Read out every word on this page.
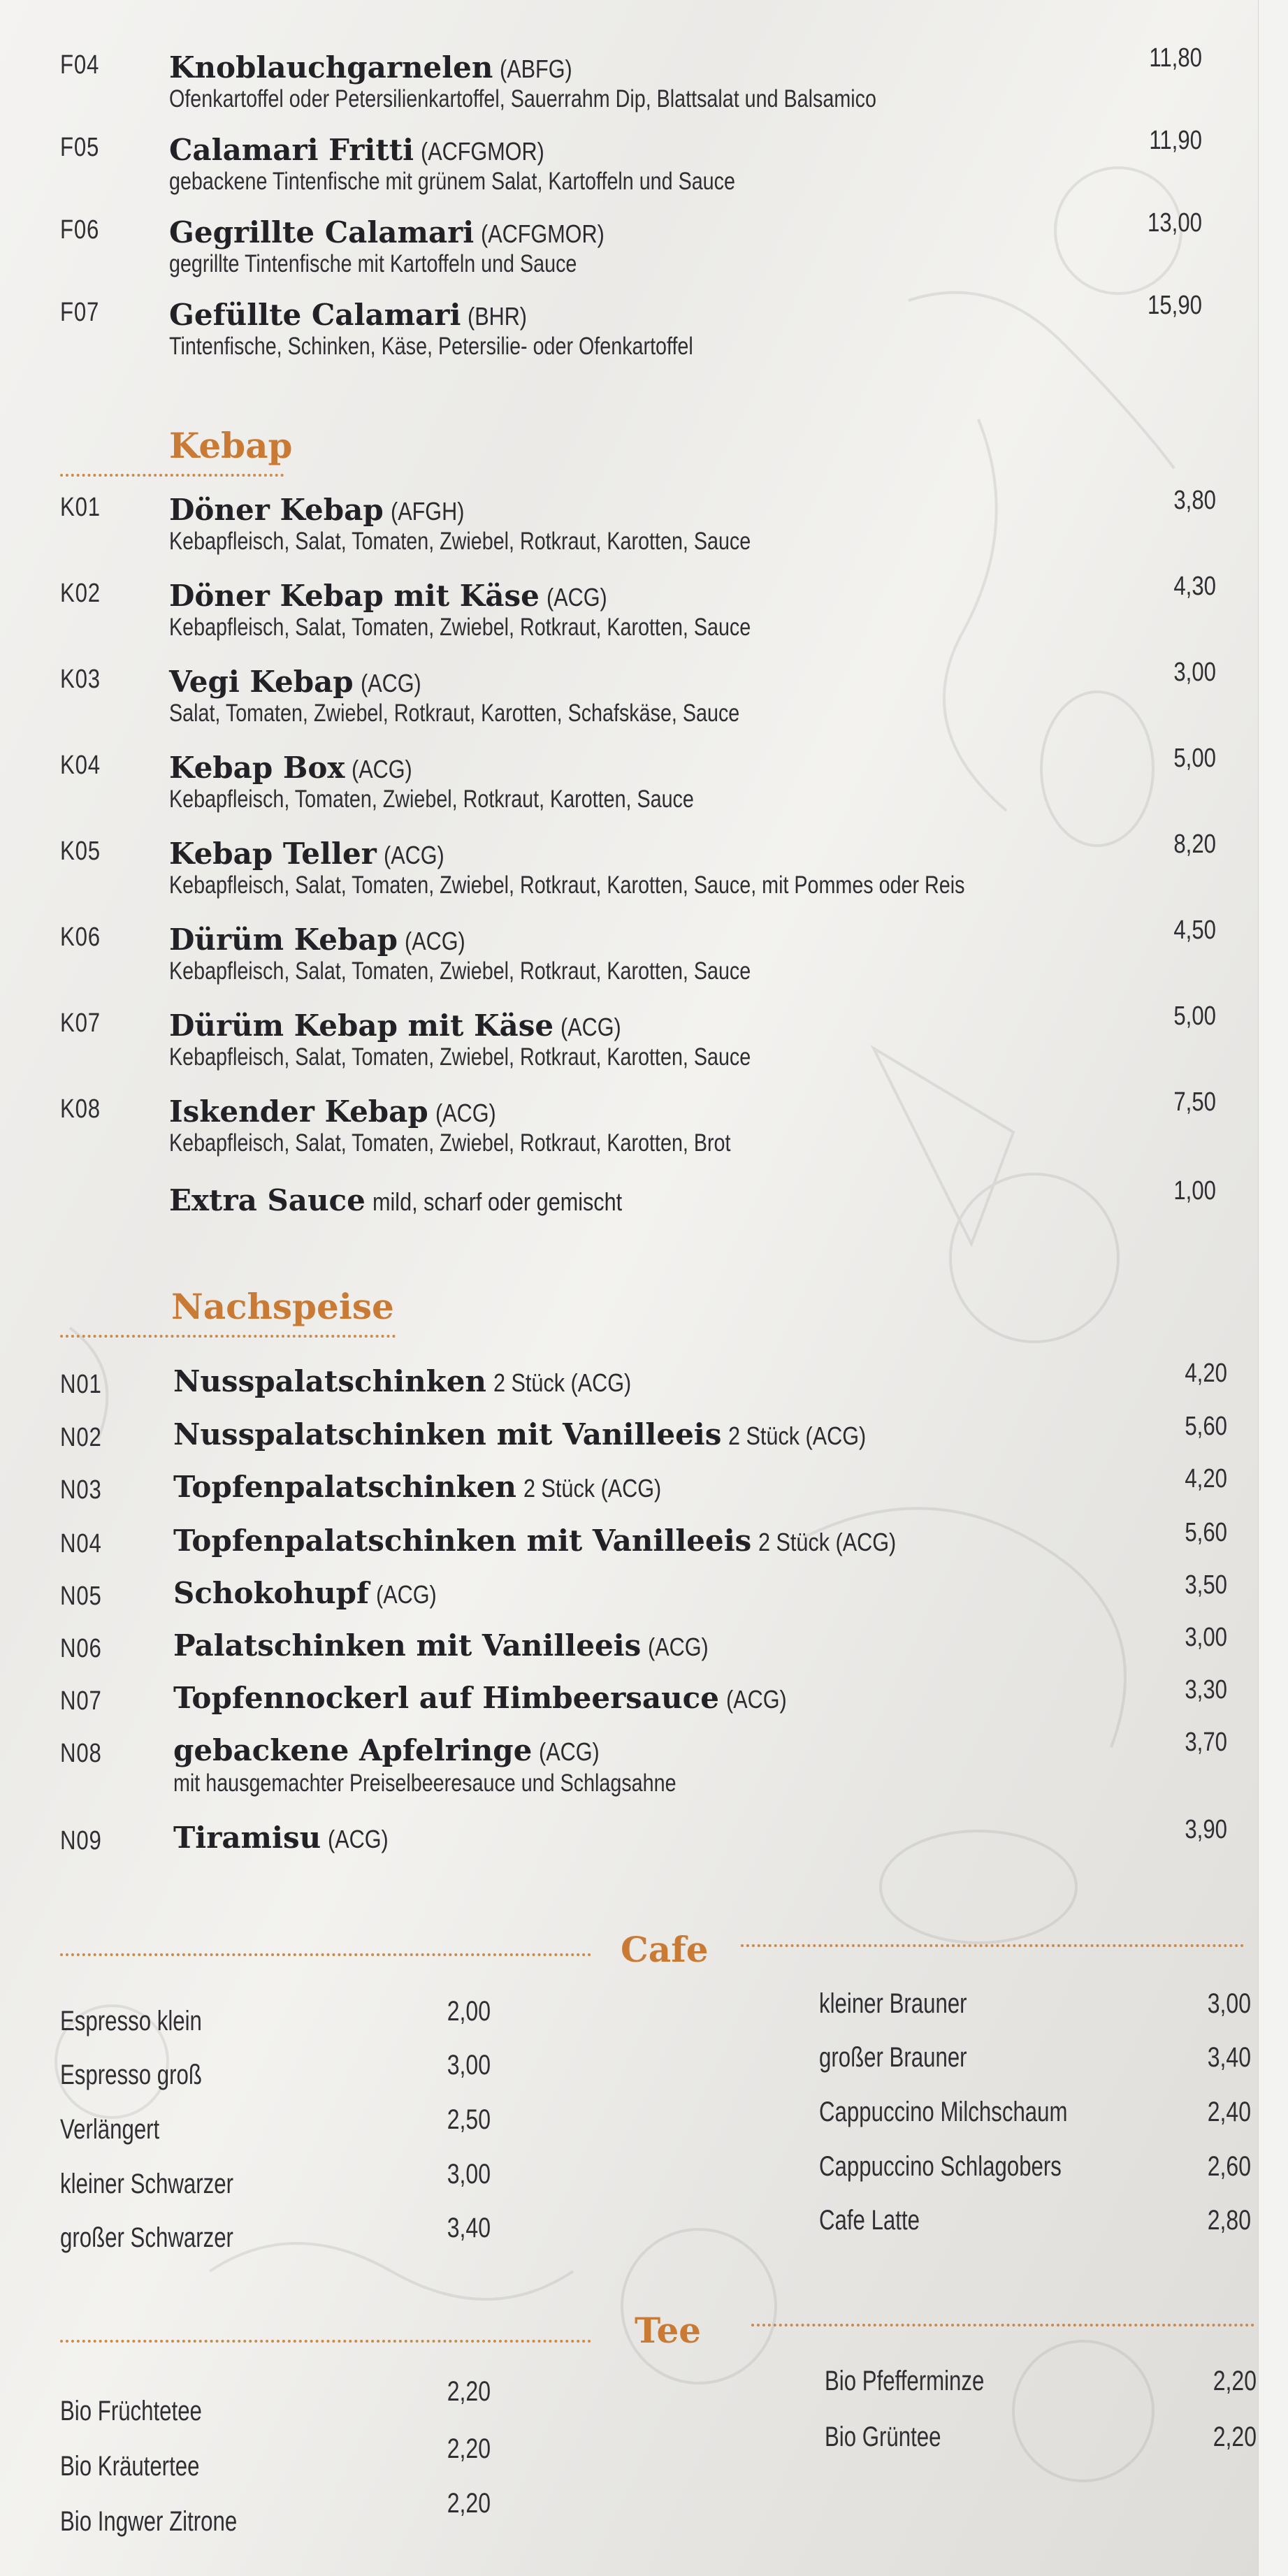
F04 Knoblauchgarnelen (ABFG)
Ofenkartoffel oder Petersilienkartoffel, Sauerrahm Dip, Blattsalat und Balsamico
11,80
F05 Calamari Fritti (ACFGMOR)
gebackene Tintenfische mit grünem Salat, Kartoffeln und Sauce
11,90
F06 Gegrillte Calamari (ACFGMOR)
gegrillte Tintenfische mit Kartoffeln und Sauce
13,00
F07 Gefüllte Calamari (BHR)
Tintenfische, Schinken, Käse, Petersilie- oder Ofenkartoffel
15,90
Kebap
Nachspeise
Cafe
Tee
K01 Döner Kebap (AFGH)
Kebapfleisch, Salat, Tomaten, Zwiebel, Rotkraut, Karotten, Sauce
3,80
K02 Döner Kebap mit Käse (ACG)
Kebapfleisch, Salat, Tomaten, Zwiebel, Rotkraut, Karotten, Sauce
4,30
K03 Vegi Kebap (ACG)
Salat, Tomaten, Zwiebel, Rotkraut, Karotten, Schafskäse, Sauce
3,00
K04 Kebap Box (ACG)
Kebapfleisch, Tomaten, Zwiebel, Rotkraut, Karotten, Sauce
5,00
K05 Kebap Teller (ACG)
Kebapfleisch, Salat, Tomaten, Zwiebel, Rotkraut, Karotten, Sauce, mit Pommes oder Reis
8,20
K06 Dürüm Kebap (ACG)
Kebapfleisch, Salat, Tomaten, Zwiebel, Rotkraut, Karotten, Sauce
4,50
K07 Dürüm Kebap mit Käse (ACG)
Kebapfleisch, Salat, Tomaten, Zwiebel, Rotkraut, Karotten, Sauce
5,00
K08 Iskender Kebap (ACG)
Kebapfleisch, Salat, Tomaten, Zwiebel, Rotkraut, Karotten, Brot
7,50
Extra Sauce mild, scharf oder gemischt	1,00
N01 Nusspalatschinken 2 Stück (ACG)	4,20
N02 Nusspalatschinken mit Vanilleeis 2 Stück (ACG)	5,60
N03 Topfenpalatschinken 2 Stück (ACG)	4,20
N04 Topfenpalatschinken mit Vanilleeis 2 Stück (ACG)	5,60
N05 Schokohupf (ACG)	3,50
N06 Palatschinken mit Vanilleeis (ACG)	3,00
N07 Topfennockerl auf Himbeersauce (ACG)	3,30
N08 gebackene Apfelringe (ACG)
mit hausgemachter Preiselbeeresauce und Schlagsahne
3,70
N09 Tiramisu (ACG)	3,90
Espresso klein	2,00
Espresso groß	3,00
Verlängert	2,50
kleiner Schwarzer	3,00
großer Schwarzer	3,40
kleiner Brauner	3,00
großer Brauner	3,40
Cappuccino Milchschaum	2,40
Cappuccino Schlagobers	2,60
Cafe Latte	2,80
Bio Früchtetee
2,20
Bio Kräutertee
2,20
Bio Ingwer Zitrone
2,20
Bio Pfefferminze	2,20
Bio Grüntee	2,20
